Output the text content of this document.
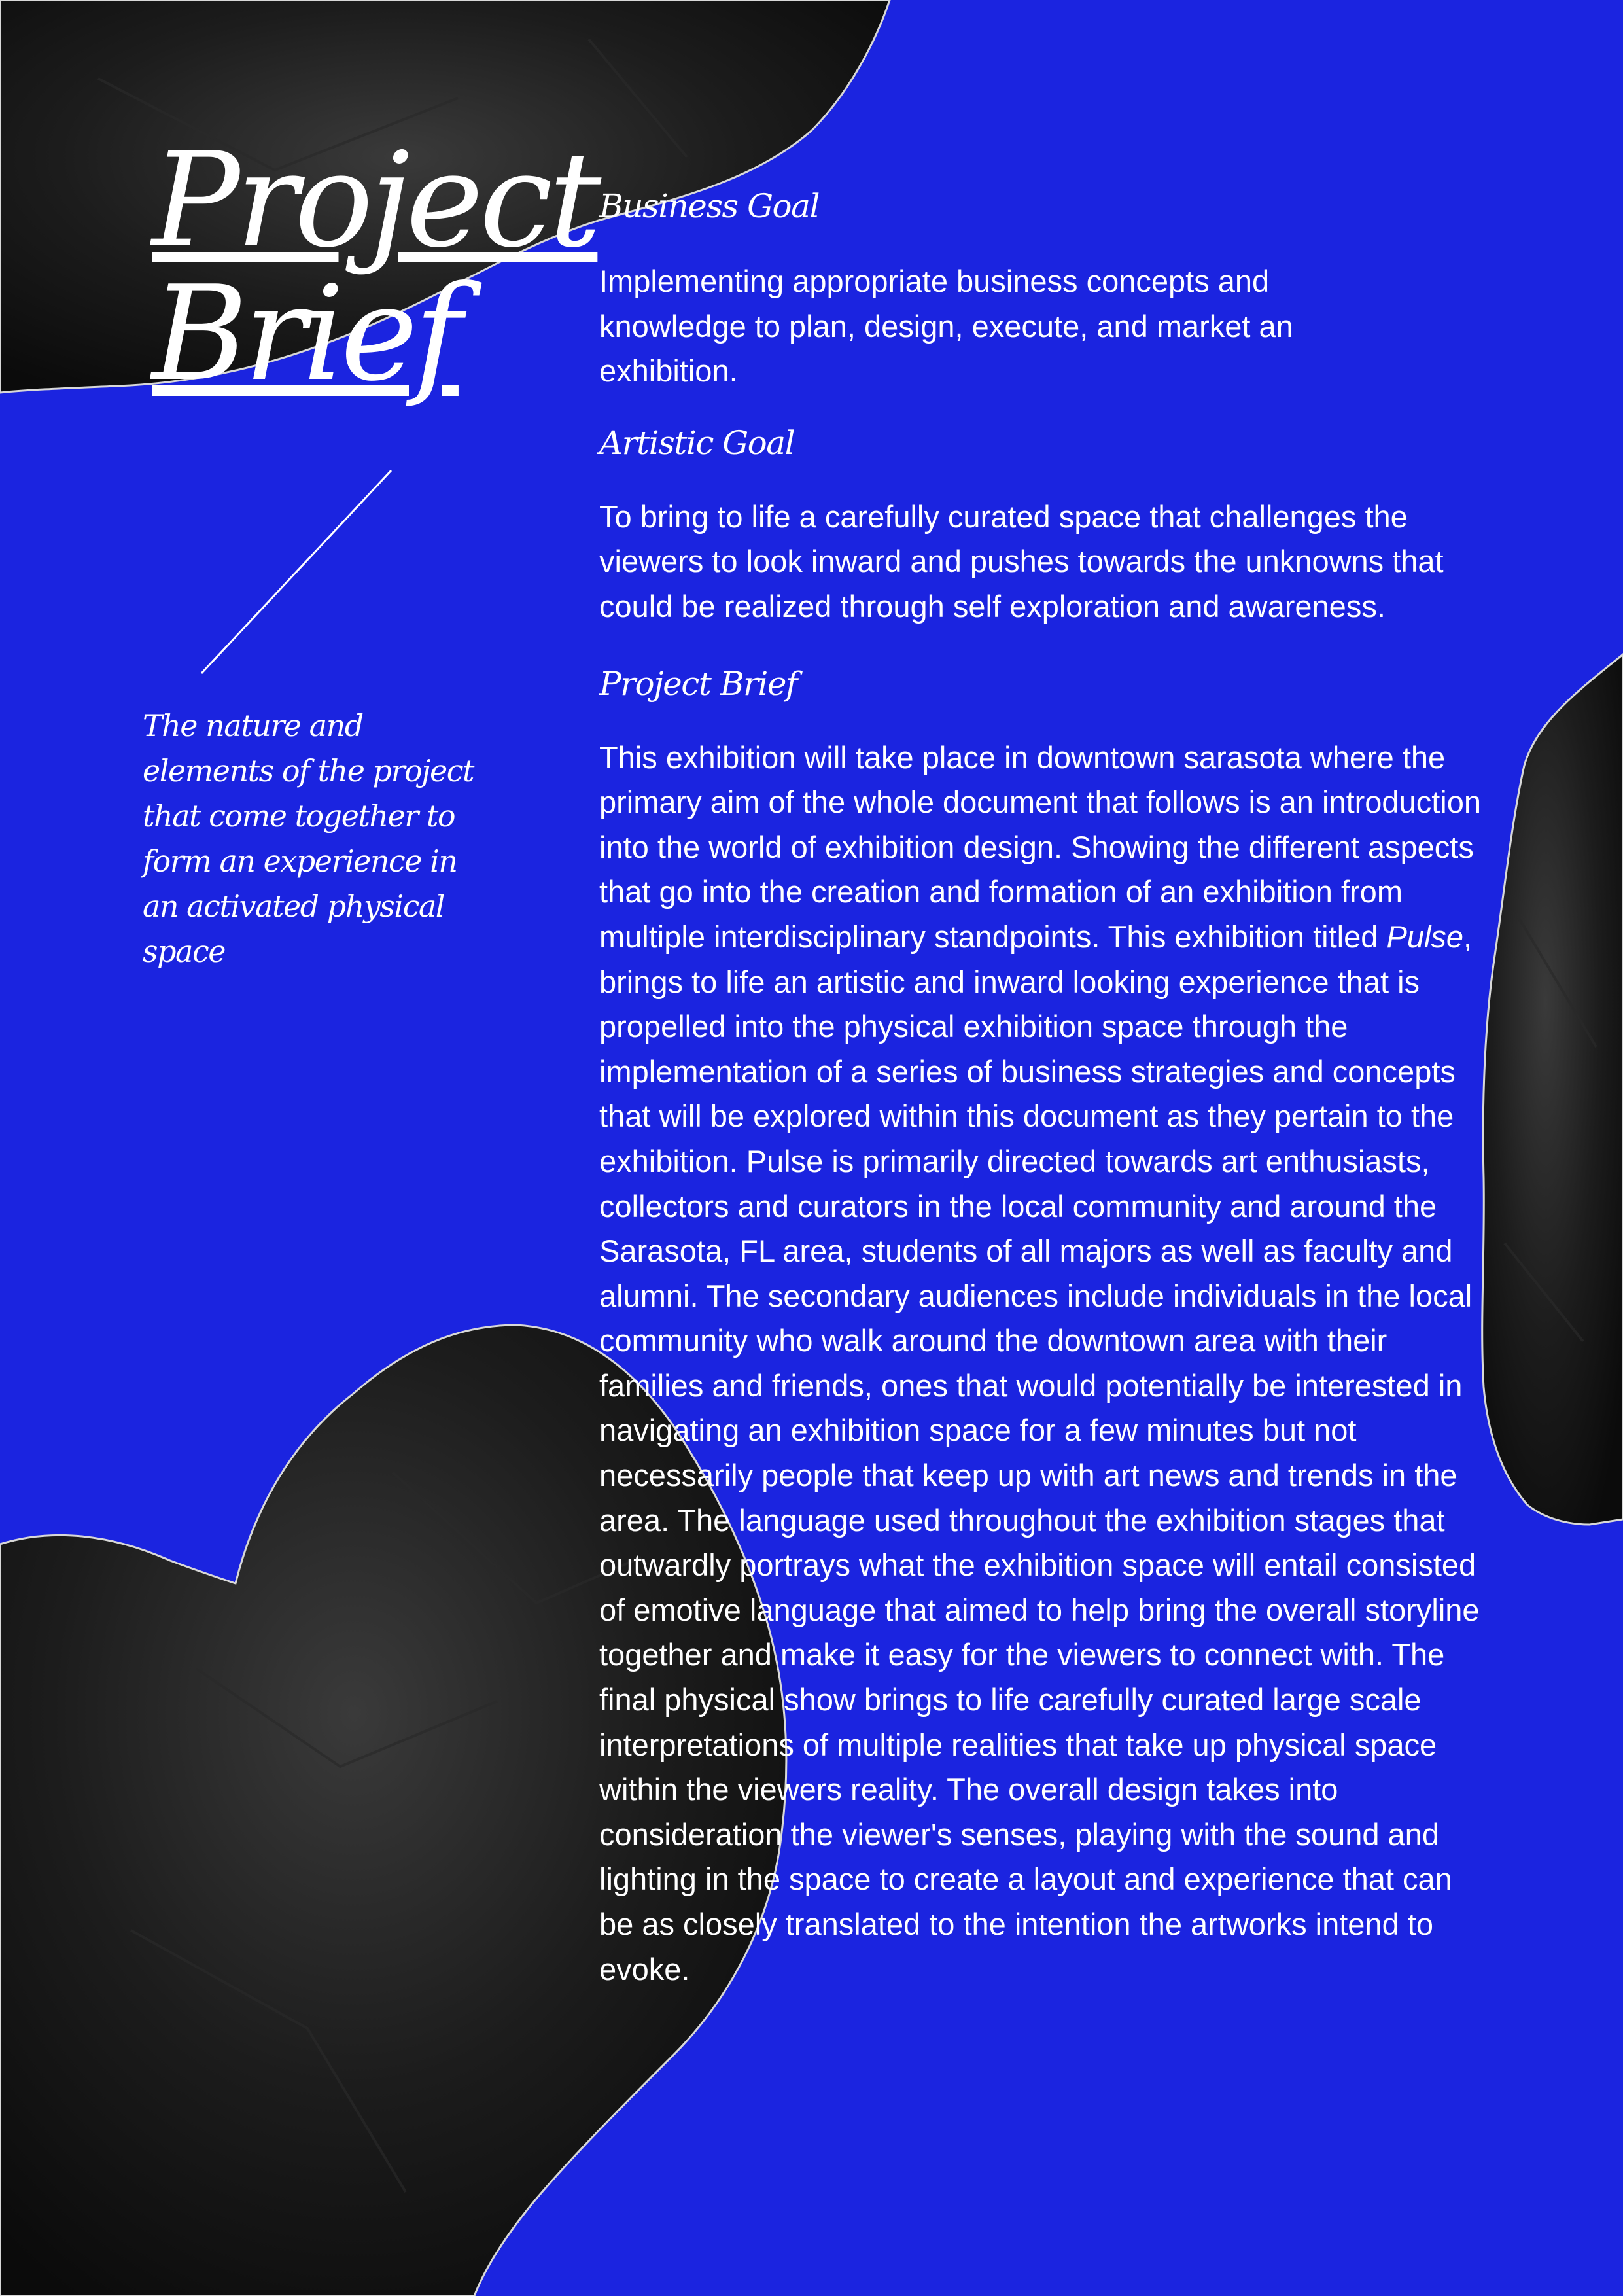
Project
Brief

The nature and elements of the project that come together to form an experience in an activated physical space

Business Goal

Implementing appropriate business concepts and knowledge to plan, design, execute, and market an exhibition.

Artistic Goal

To bring to life a carefully curated space that challenges the viewers to look inward and pushes towards the unknowns that could be realized through self exploration and awareness.

Project Brief

This exhibition will take place in downtown sarasota where the primary aim of the whole document that follows is an introduction into the world of exhibition design. Showing the different aspects that go into the creation and formation of an exhibition from multiple interdisciplinary standpoints. This exhibition titled Pulse, brings to life an artistic and inward looking experience that is propelled into the physical exhibition space through the implementation of a series of business strategies and concepts that will be explored within this document as they pertain to the exhibition. Pulse is primarily directed towards art enthusiasts, collectors and curators in the local community and around the Sarasota, FL area, students of all majors as well as faculty and alumni. The secondary audiences include individuals in the local community who walk around the downtown area with their families and friends, ones that would potentially be interested in navigating an exhibition space for a few minutes but not necessarily people that keep up with art news and trends in the area. The language used throughout the exhibition stages that outwardly portrays what the exhibition space will entail consisted of emotive language that aimed to help bring the overall storyline together and make it easy for the viewers to connect with. The final physical show brings to life carefully curated large scale interpretations of multiple realities that take up physical space within the viewers reality. The overall design takes into consideration the viewer's senses, playing with the sound and lighting in the space to create a layout and experience that can be as closely translated to the intention the artworks intend to evoke.
